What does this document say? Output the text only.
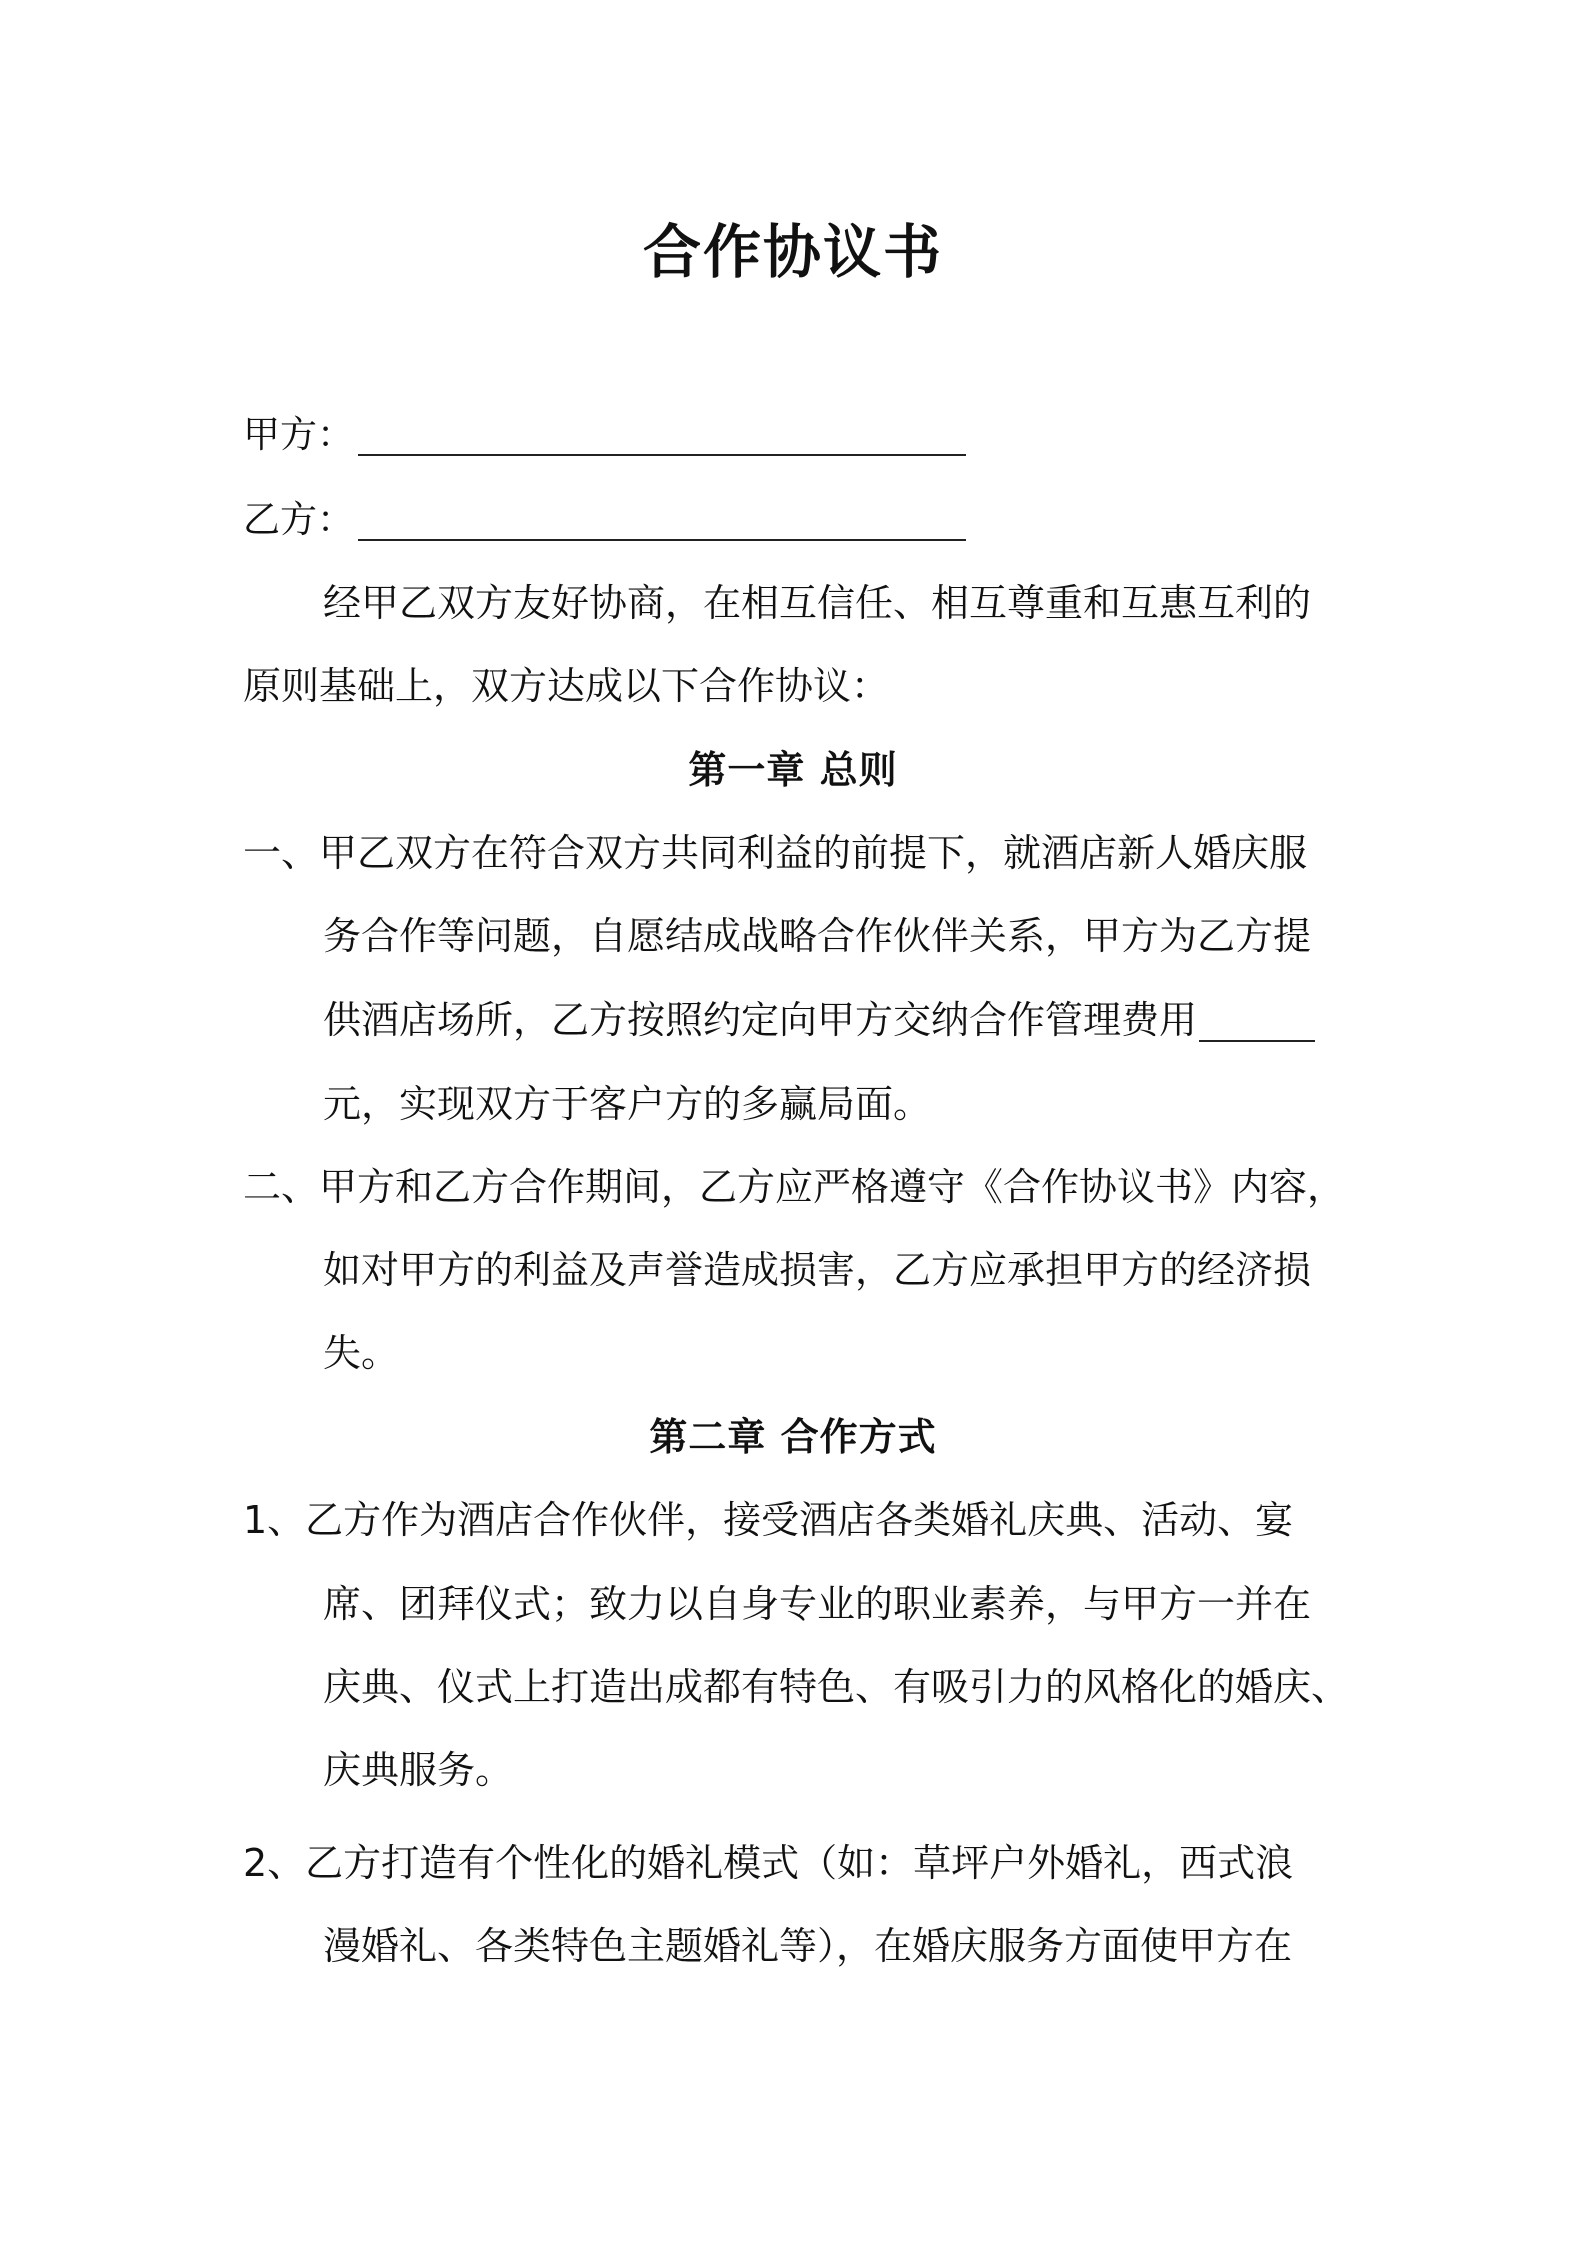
合作协议书
甲方：
乙方：
经甲乙双方友好协商，在相互信任、相互尊重和互惠互利的
原则基础上，双方达成以下合作协议：
第一章 总则
一、甲乙双方在符合双方共同利益的前提下，就酒店新人婚庆服
务合作等问题，自愿结成战略合作伙伴关系，甲方为乙方提
供酒店场所，乙方按照约定向甲方交纳合作管理费用
元，实现双方于客户方的多赢局面。
二、甲方和乙方合作期间，乙方应严格遵守《合作协议书》内容，
如对甲方的利益及声誉造成损害，乙方应承担甲方的经济损
失。
第二章 合作方式
1、乙方作为酒店合作伙伴，接受酒店各类婚礼庆典、活动、宴
席、团拜仪式；致力以自身专业的职业素养，与甲方一并在
庆典、仪式上打造出成都有特色、有吸引力的风格化的婚庆、
庆典服务。
2、乙方打造有个性化的婚礼模式（如：草坪户外婚礼，西式浪
漫婚礼、各类特色主题婚礼等），在婚庆服务方面使甲方在
